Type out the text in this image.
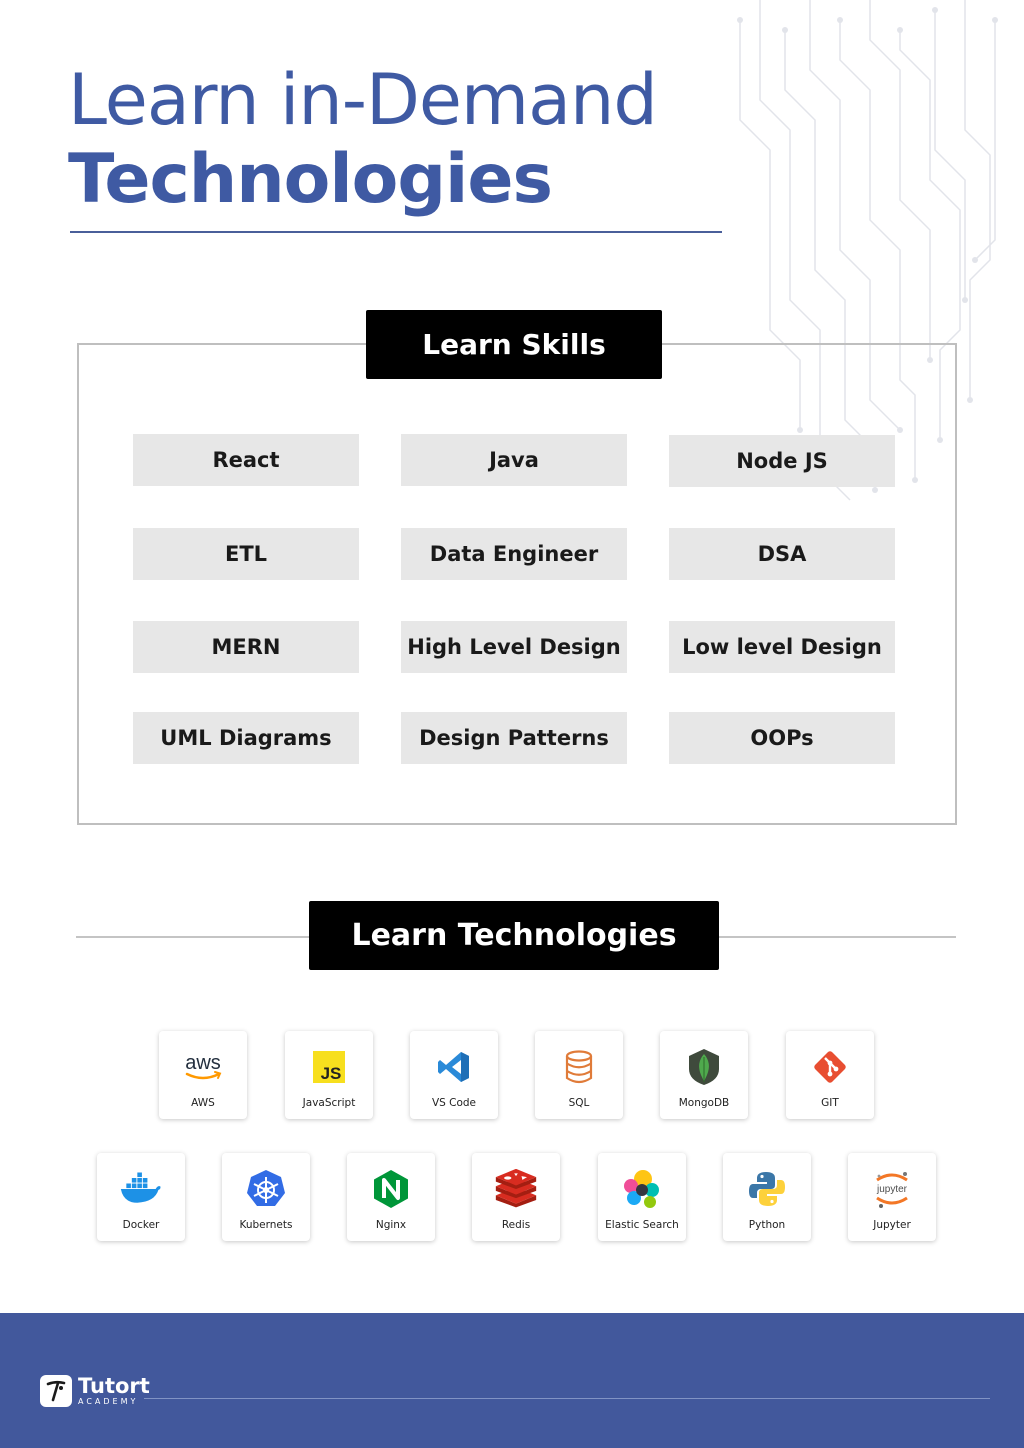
Learn in-Demand
Technologies
Learn Skills
React	Java	Node JS
ETL	Data Engineer	DSA
MERN	High Level Design	Low level Design
UML Diagrams	Design Patterns	OOPs
Learn Technologies
aws
AWS
JS
JavaScript	VS Code	SQL	MongoDB	GIT
Docker	Kubernets	Nginx	Redis	Elastic Search	Python
jupyter
Jupyter
Tutort
ACADEMY
